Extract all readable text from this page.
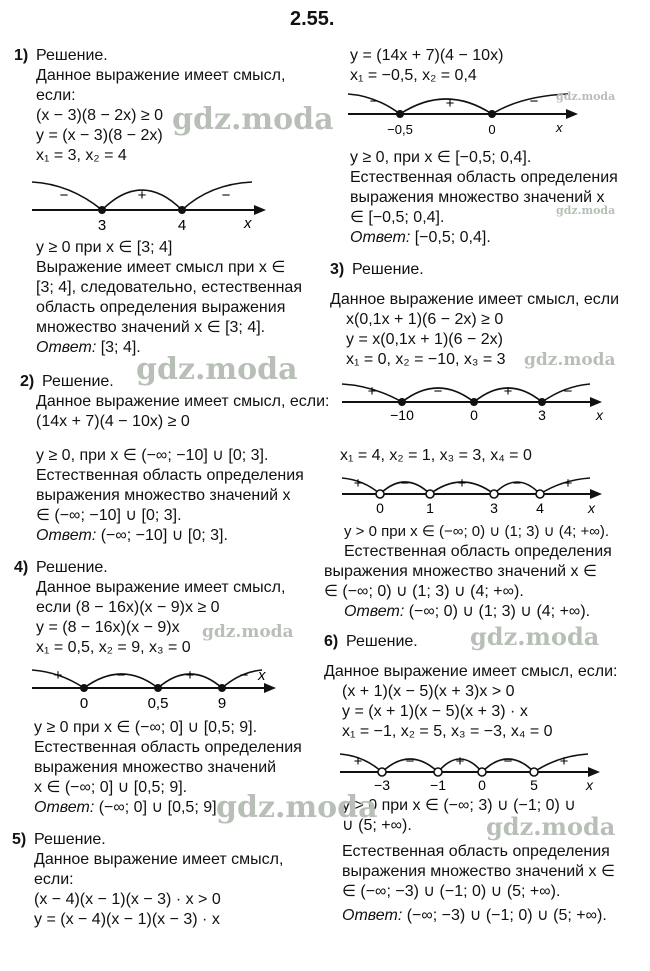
2.55.
1) Решение.
Данное выражение имеет смысл,
если:
(x − 3)(8 − 2x) ≥ 0
y = (x − 3)(8 − 2x)
x₁ = 3, x₂ = 4
−	+	−
3	4	x
y ≥ 0 при x ∈ [3; 4]
Выражение имеет смысл при x ∈
[3; 4], следовательно, естественная
область определения выражения
множество значений x ∈ [3; 4].
Ответ: [3; 4].
2) Решение.
Данное выражение имеет смысл, если:
(14x + 7)(4 − 10x) ≥ 0
y ≥ 0, при x ∈ (−∞; −10] ∪ [0; 3].
Естественная область определения
выражения множество значений x
∈ (−∞; −10] ∪ [0; 3].
Ответ: (−∞; −10] ∪ [0; 3].
4) Решение.
Данное выражение имеет смысл,
если (8 − 16x)(x − 9)x ≥ 0
y = (8 − 16x)(x − 9)x
x₁ = 0,5, x₂ = 9, x₃ = 0
+	−	+	−
0	0,5	9
x
y ≥ 0 при x ∈ (−∞; 0] ∪ [0,5; 9].
Естественная область определения
выражения множество значений
x ∈ (−∞; 0] ∪ [0,5; 9].
Ответ: (−∞; 0] ∪ [0,5; 9].
5) Решение.
Данное выражение имеет смысл,
если:
(x − 4)(x − 1)(x − 3) · x > 0
y = (x − 4)(x − 1)(x − 3) · x
y = (14x + 7)(4 − 10x)
x₁ = −0,5, x₂ = 0,4
−	+	−
−0,5	0	x
y ≥ 0, при x ∈ [−0,5; 0,4].
Естественная область определения
выражения множество значений x
∈ [−0,5; 0,4].
Ответ: [−0,5; 0,4].
3) Решение.
Данное выражение имеет смысл, если
x(0,1x + 1)(6 − 2x) ≥ 0
y = x(0,1x + 1)(6 − 2x)
x₁ = 0, x₂ = −10, x₃ = 3
+	−	+	−
−10	0	3	x
x₁ = 4, x₂ = 1, x₃ = 3, x₄ = 0
+	−	+	−	+
0	1	3	4	x
y > 0 при x ∈ (−∞; 0) ∪ (1; 3) ∪ (4; +∞).
Естественная область определения
выражения множество значений x ∈
∈ (−∞; 0) ∪ (1; 3) ∪ (4; +∞).
Ответ: (−∞; 0) ∪ (1; 3) ∪ (4; +∞).
6) Решение.
Данное выражение имеет смысл, если:
(x + 1)(x − 5)(x + 3)x > 0
y = (x + 1)(x − 5)(x + 3) · x
x₁ = −1, x₂ = 5, x₃ = −3, x₄ = 0
+	−	+	−	+
−3	−1 0	5	x
y > 0 при x ∈ (−∞; 3) ∪ (−1; 0) ∪
∪ (5; +∞).
Естественная область определения
выражения множество значений x ∈
∈ (−∞; −3) ∪ (−1; 0) ∪ (5; +∞).
Ответ: (−∞; −3) ∪ (−1; 0) ∪ (5; +∞).
gdz.moda
gdz.moda
gdz.moda
gdz.moda
gdz.moda
gdz.moda
gdz.moda
gdz.moda
gdz.moda
